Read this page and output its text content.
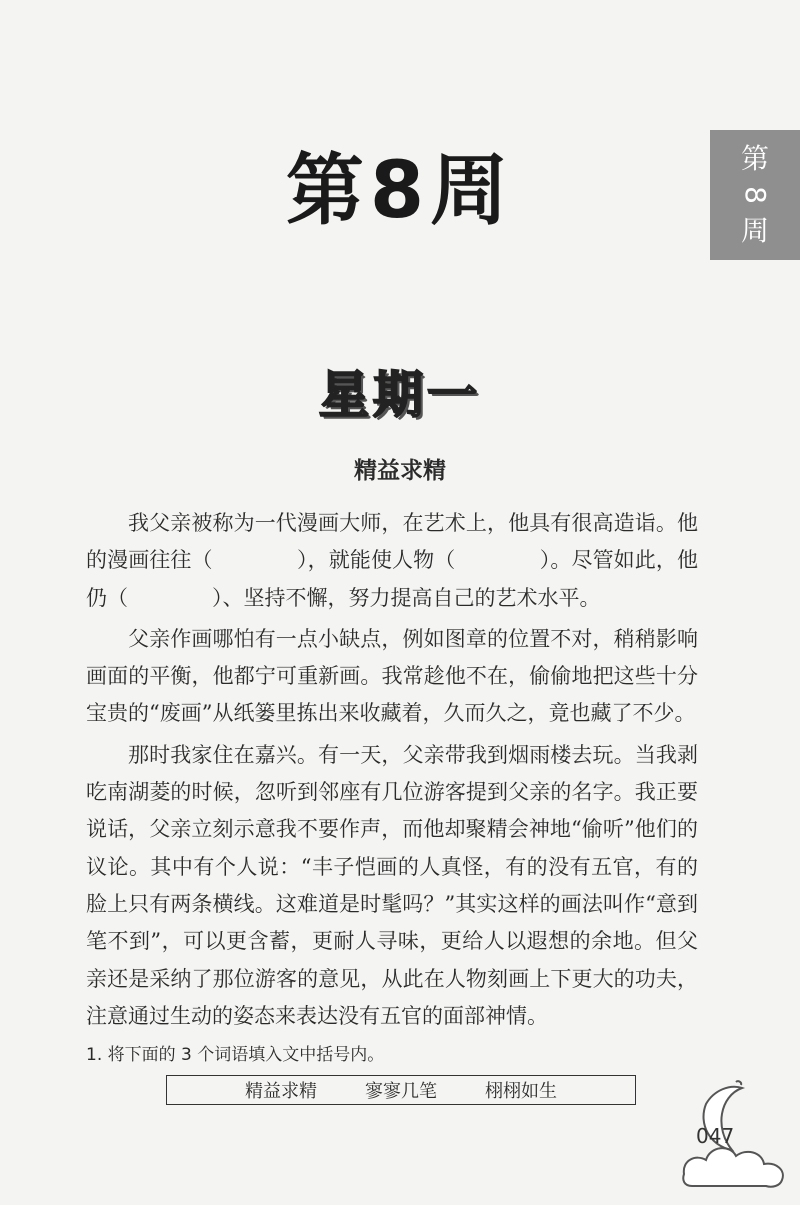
第8周	第
8
周
星期一
精益求精

我父亲被称为一代漫画大师，在艺术上，他具有很高造诣。他的漫画往往（　　　　），就能使人物（　　　　）。尽管如此，他仍（　　　　）、坚持不懈，努力提高自己的艺术水平。

父亲作画哪怕有一点小缺点，例如图章的位置不对，稍稍影响画面的平衡，他都宁可重新画。我常趁他不在，偷偷地把这些十分宝贵的“废画”从纸篓里拣出来收藏着，久而久之，竟也藏了不少。

那时我家住在嘉兴。有一天，父亲带我到烟雨楼去玩。当我剥吃南湖菱的时候，忽听到邻座有几位游客提到父亲的名字。我正要说话，父亲立刻示意我不要作声，而他却聚精会神地“偷听”他们的议论。其中有个人说：“丰子恺画的人真怪，有的没有五官，有的脸上只有两条横线。这难道是时髦吗？”其实这样的画法叫作“意到笔不到”，可以更含蓄，更耐人寻味，更给人以遐想的余地。但父亲还是采纳了那位游客的意见，从此在人物刻画上下更大的功夫，注意通过生动的姿态来表达没有五官的面部神情。

1. 将下面的 3 个词语填入文中括号内。
精益求精	寥寥几笔	栩栩如生
047
